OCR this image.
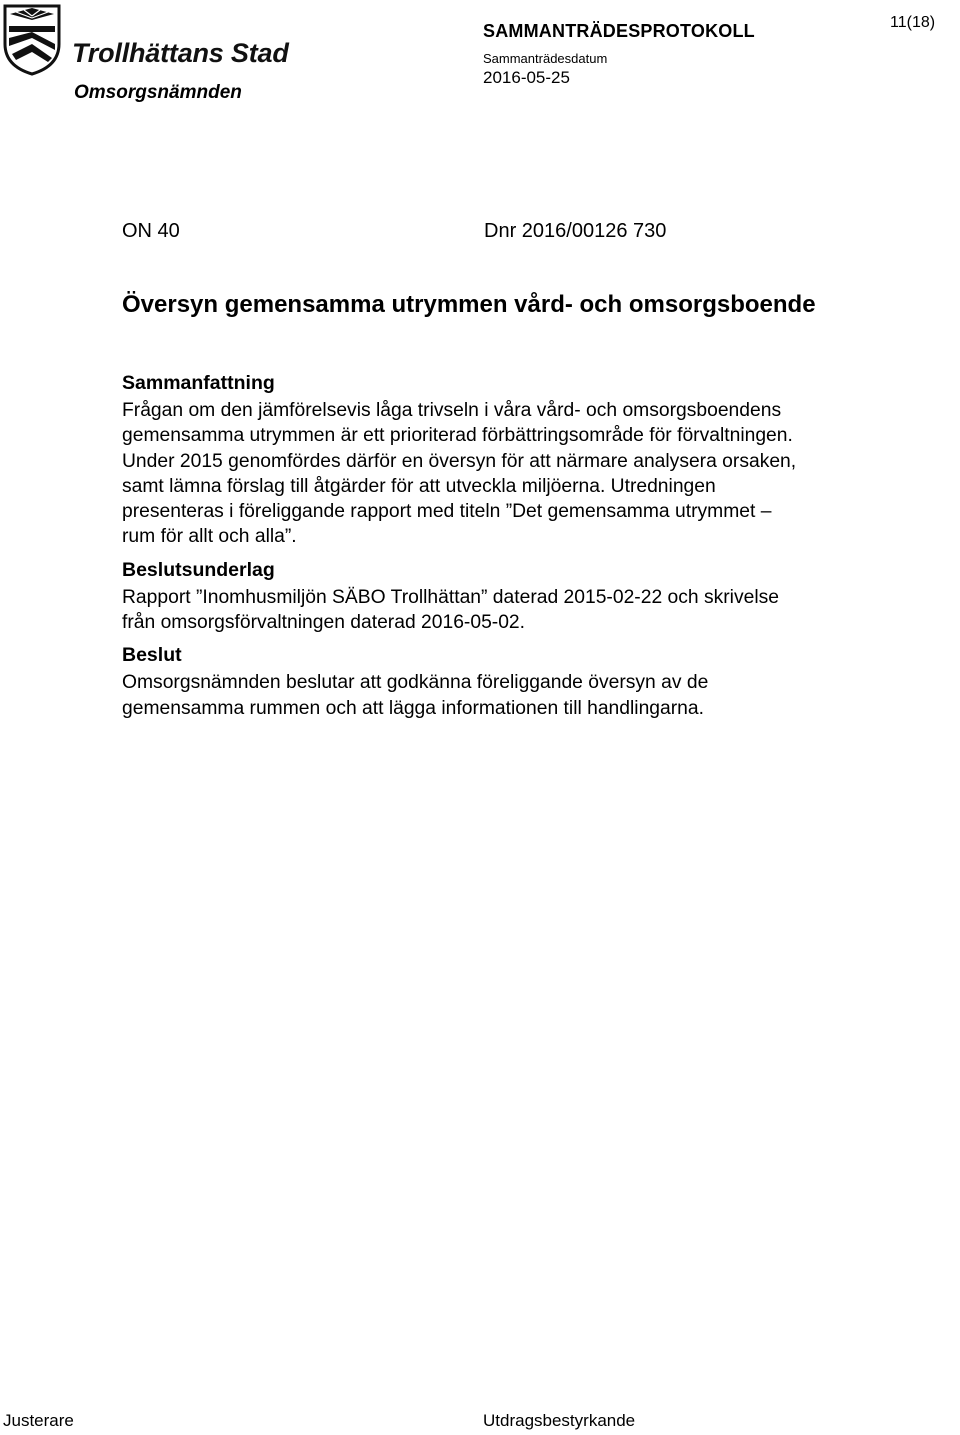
Trollhättans Stad
Omsorgsnämnden
SAMMANTRÄDESPROTOKOLL
Sammanträdesdatum
2016-05-25
11(18)
ON 40	Dnr 2016/00126 730
Översyn gemensamma utrymmen vård- och omsorgsboende
Sammanfattning

Frågan om den jämförelsevis låga trivseln i våra vård- och omsorgsboendens gemensamma utrymmen är ett prioriterad förbättringsområde för förvaltningen. Under 2015 genomfördes därför en översyn för att närmare analysera orsaken, samt lämna förslag till åtgärder för att utveckla miljöerna. Utredningen presenteras i föreliggande rapport med titeln ”Det gemensamma utrymmet – rum för allt och alla”.

Beslutsunderlag

Rapport ”Inomhusmiljön SÄBO Trollhättan” daterad 2015-02-22 och skrivelse från omsorgsförvaltningen daterad 2016-05-02.

Beslut

Omsorgsnämnden beslutar att godkänna föreliggande översyn av de gemensamma rummen och att lägga informationen till handlingarna.

Justerare	Utdragsbestyrkande
